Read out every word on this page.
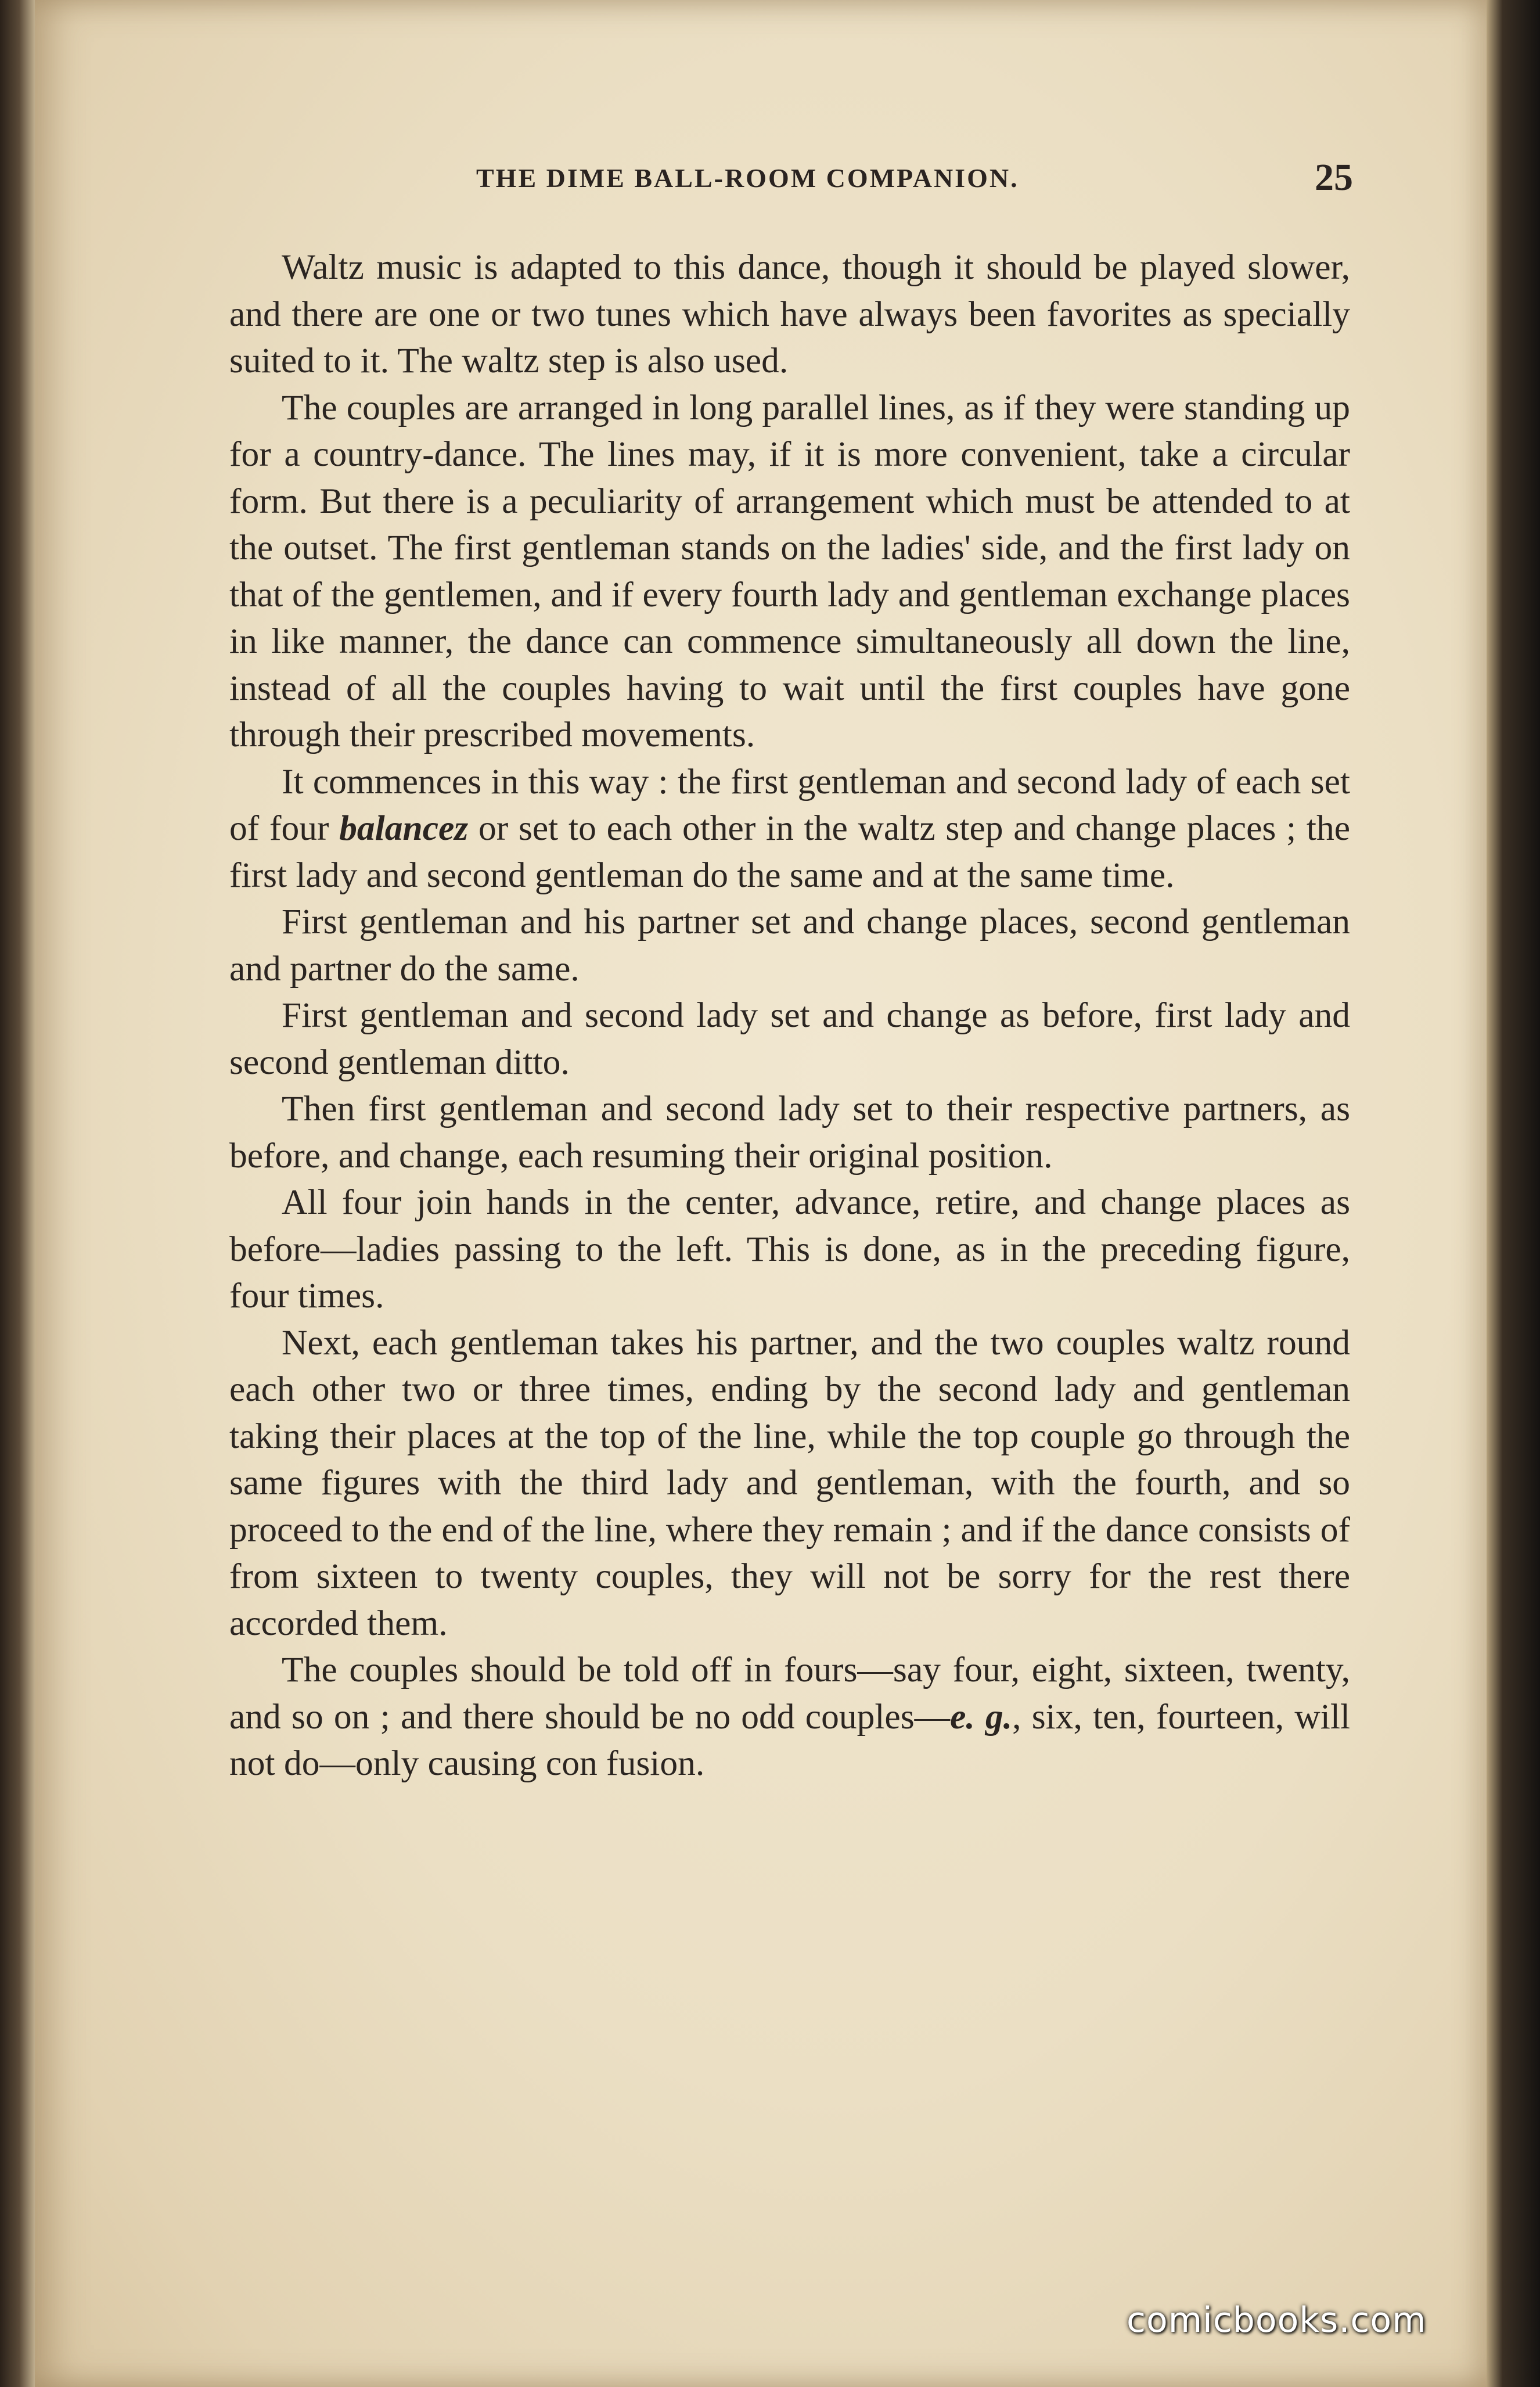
THE DIME BALL-ROOM COMPANION.	25

Waltz music is adapted to this dance, though it should be played slower, and there are one or two tunes which have always been favorites as specially suited to it. The waltz step is also used.

The couples are arranged in long parallel lines, as if they were standing up for a country-dance. The lines may, if it is more convenient, take a circular form. But there is a peculiarity of arrangement which must be attended to at the outset. The first gentleman stands on the ladies' side, and the first lady on that of the gentlemen, and if every fourth lady and gentleman exchange places in like manner, the dance can commence simultaneously all down the line, instead of all the couples having to wait until the first couples have gone through their prescribed movements.

It commences in this way : the first gentleman and second lady of each set of four balancez or set to each other in the waltz step and change places ; the first lady and second gentleman do the same and at the same time.

First gentleman and his partner set and change places, second gentleman and partner do the same.

First gentleman and second lady set and change as before, first lady and second gentleman ditto.

Then first gentleman and second lady set to their respective partners, as before, and change, each resuming their original position.

All four join hands in the center, advance, retire, and change places as before—ladies passing to the left. This is done, as in the preceding figure, four times.

Next, each gentleman takes his partner, and the two couples waltz round each other two or three times, ending by the second lady and gentleman taking their places at the top of the line, while the top couple go through the same figures with the third lady and gentleman, with the fourth, and so proceed to the end of the line, where they remain ; and if the dance consists of from sixteen to twenty couples, they will not be sorry for the rest there accorded them.

The couples should be told off in fours—say four, eight, sixteen, twenty, and so on ; and there should be no odd couples—e. g., six, ten, fourteen, will not do—only causing con fusion.

comicbooks.com
